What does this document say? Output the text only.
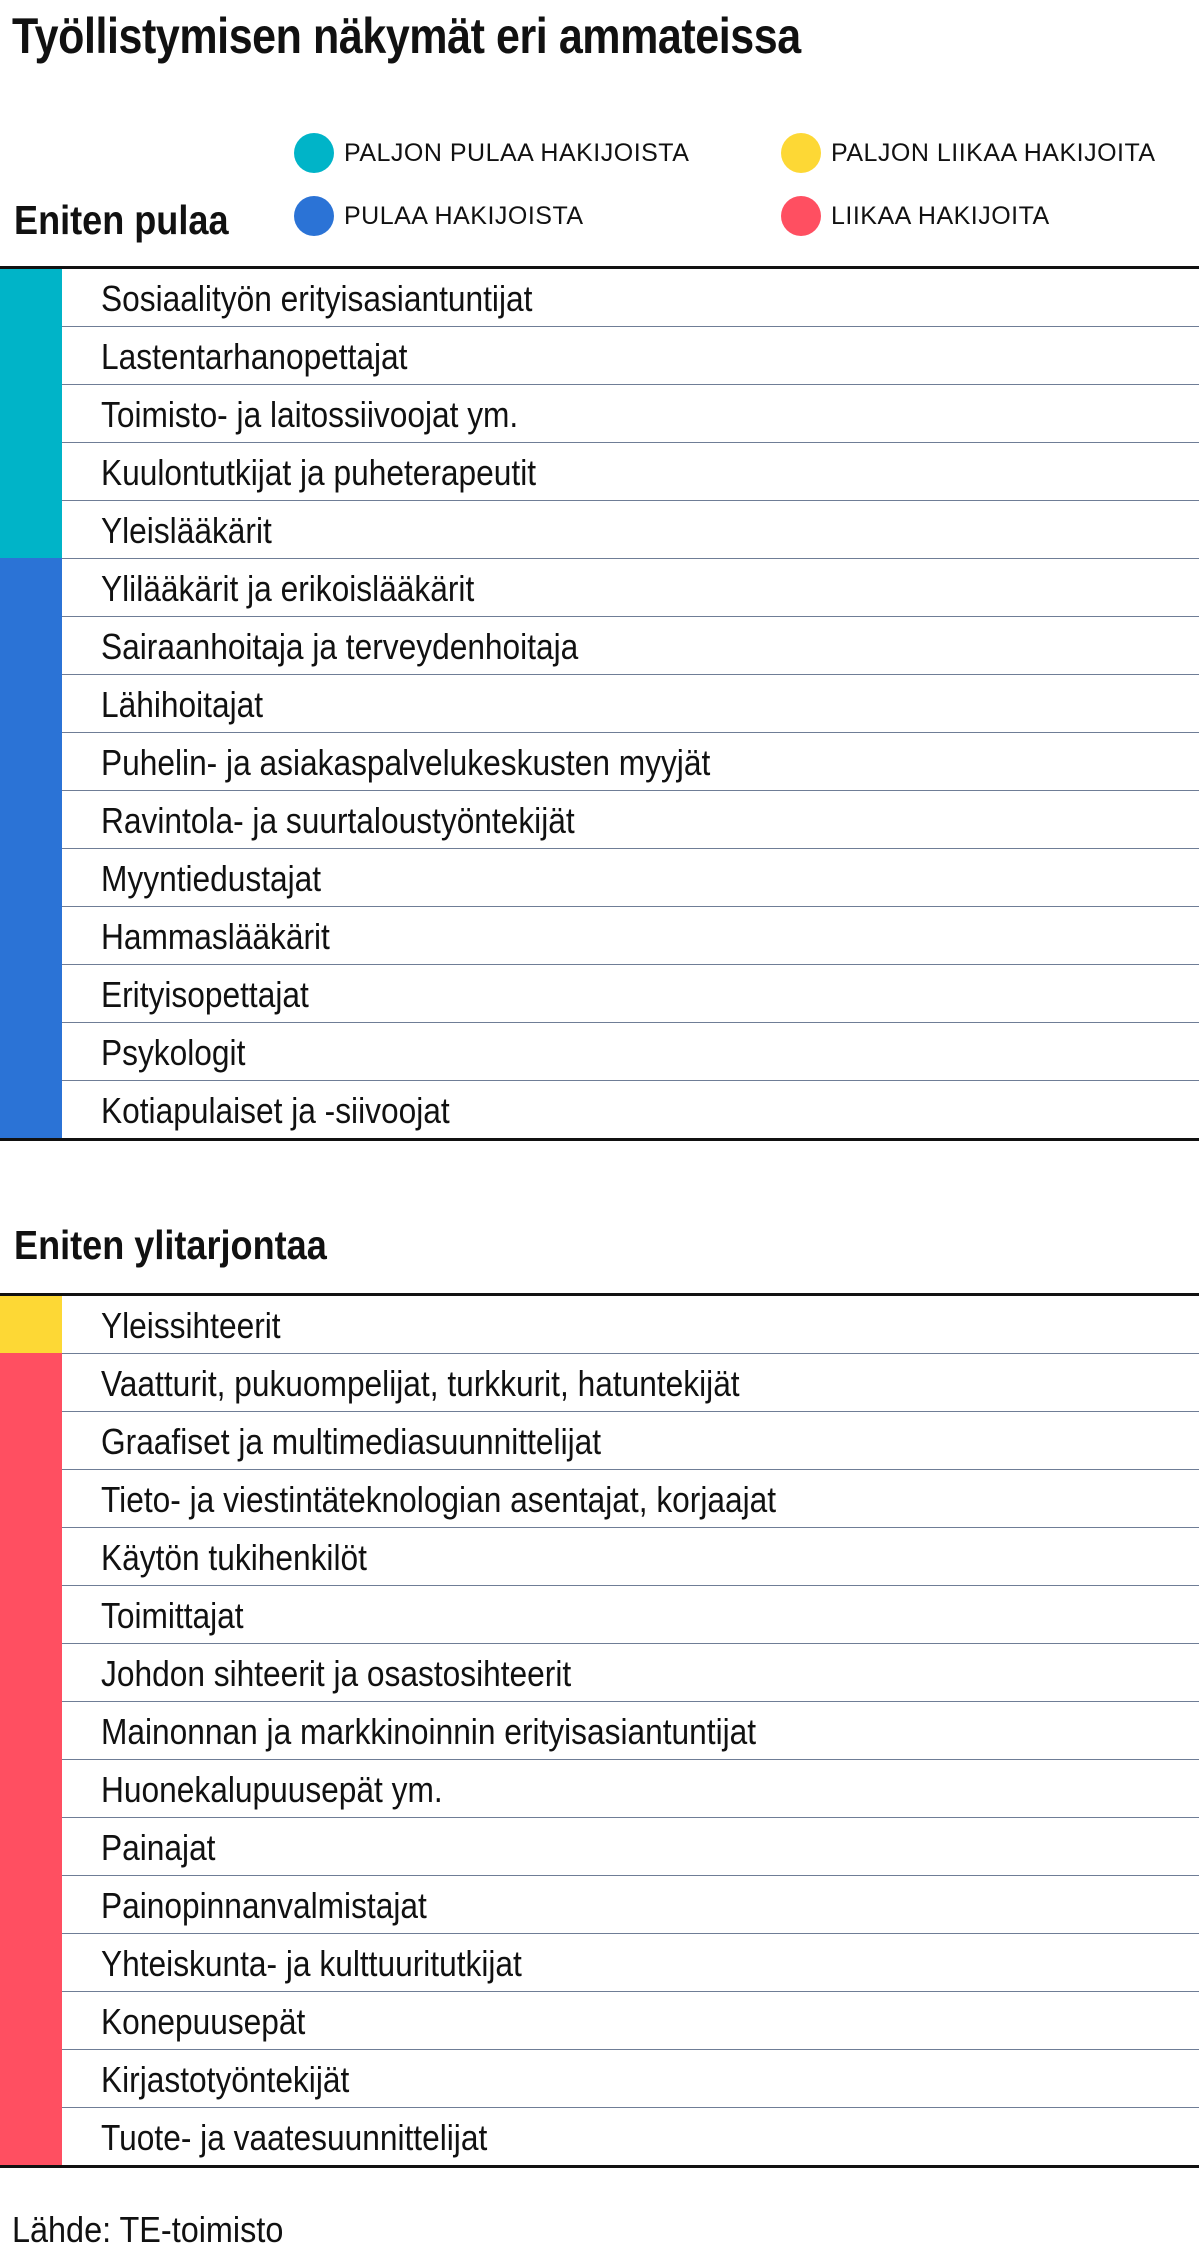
Työllistymisen näkymät eri ammateissa
PALJON PULAA HAKIJOISTA
PULAA HAKIJOISTA
PALJON LIIKAA HAKIJOITA
LIIKAA HAKIJOITA
Eniten pulaa
Sosiaalityön erityisasiantuntijat
Lastentarhanopettajat
Toimisto- ja laitossiivoojat ym.
Kuulontutkijat ja puheterapeutit
Yleislääkärit
Ylilääkärit ja erikoislääkärit
Sairaanhoitaja ja terveydenhoitaja
Lähihoitajat
Puhelin- ja asiakaspalvelukeskusten myyjät
Ravintola- ja suurtaloustyöntekijät
Myyntiedustajat
Hammaslääkärit
Erityisopettajat
Psykologit
Kotiapulaiset ja -siivoojat
Eniten ylitarjontaa
Yleissihteerit
Vaatturit, pukuompelijat, turkkurit, hatuntekijät
Graafiset ja multimediasuunnittelijat
Tieto- ja viestintäteknologian asentajat, korjaajat
Käytön tukihenkilöt
Toimittajat
Johdon sihteerit ja osastosihteerit
Mainonnan ja markkinoinnin erityisasiantuntijat
Huonekalupuusepät ym.
Painajat
Painopinnanvalmistajat
Yhteiskunta- ja kulttuuritutkijat
Konepuusepät
Kirjastotyöntekijät
Tuote- ja vaatesuunnittelijat

Lähde: TE-toimisto
